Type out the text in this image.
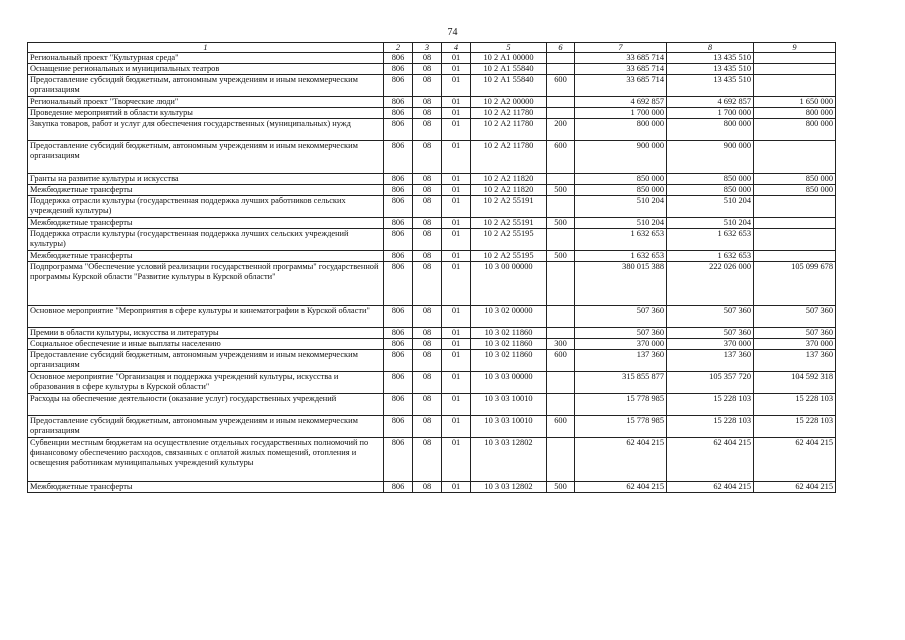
74
1	2	3	4	5	6	7	8	9
Региональный проект "Культурная среда"	806	08	01	10 2 А1 00000		33 685 714	13 435 510	
Оснащение региональных и муниципальных театров	806	08	01	10 2 А1 55840		33 685 714	13 435 510	
Предоставление субсидий бюджетным, автономным учреждениям и иным некоммерческим организациям	806	08	01	10 2 А1 55840	600	33 685 714	13 435 510	
Региональный проект "Творческие люди"	806	08	01	10 2 А2 00000		4 692 857	4 692 857	1 650 000
Проведение мероприятий в области культуры	806	08	01	10 2 А2 11780		1 700 000	1 700 000	800 000
Закупка товаров, работ и услуг для обеспечения государственных (муниципальных) нужд	806	08	01	10 2 А2 11780	200	800 000	800 000	800 000
Предоставление субсидий бюджетным, автономным учреждениям и иным некоммерческим организациям	806	08	01	10 2 А2 11780	600	900 000	900 000	
Гранты на развитие культуры и искусства	806	08	01	10 2 А2 11820		850 000	850 000	850 000
Межбюджетные трансферты	806	08	01	10 2 А2 11820	500	850 000	850 000	850 000
Поддержка отрасли культуры (государственная поддержка лучших работников сельских учреждений культуры)	806	08	01	10 2 А2 55191		510 204	510 204	
Межбюджетные трансферты	806	08	01	10 2 А2 55191	500	510 204	510 204	
Поддержка отрасли культуры (государственная поддержка лучших сельских учреждений культуры)	806	08	01	10 2 А2 55195		1 632 653	1 632 653	
Межбюджетные трансферты	806	08	01	10 2 А2 55195	500	1 632 653	1 632 653	
Подпрограмма "Обеспечение условий реализации государственной программы" государственной программы Курской области "Развитие культуры в Курской области"	806	08	01	10 3 00 00000		380 015 388	222 026 000	105 099 678
Основное мероприятие "Мероприятия в сфере культуры и кинематографии в Курской области"	806	08	01	10 3 02 00000		507 360	507 360	507 360
Премии в области культуры, искусства и литературы	806	08	01	10 3 02 11860		507 360	507 360	507 360
Социальное обеспечение и иные выплаты населению	806	08	01	10 3 02 11860	300	370 000	370 000	370 000
Предоставление субсидий бюджетным, автономным учреждениям и иным некоммерческим организациям	806	08	01	10 3 02 11860	600	137 360	137 360	137 360
Основное мероприятие "Организация и поддержка учреждений культуры, искусства и образования в сфере культуры в Курской области"	806	08	01	10 3 03 00000		315 855 877	105 357 720	104 592 318
Расходы на обеспечение деятельности (оказание услуг) государственных учреждений	806	08	01	10 3 03 10010		15 778 985	15 228 103	15 228 103
Предоставление субсидий бюджетным, автономным учреждениям и иным некоммерческим организациям	806	08	01	10 3 03 10010	600	15 778 985	15 228 103	15 228 103
Субвенции местным бюджетам на осуществление отдельных государственных полномочий по финансовому обеспечению расходов, связанных с оплатой жилых помещений, отопления и освещения работникам муниципальных учреждений культуры	806	08	01	10 3 03 12802		62 404 215	62 404 215	62 404 215
Межбюджетные трансферты	806	08	01	10 3 03 12802	500	62 404 215	62 404 215	62 404 215
